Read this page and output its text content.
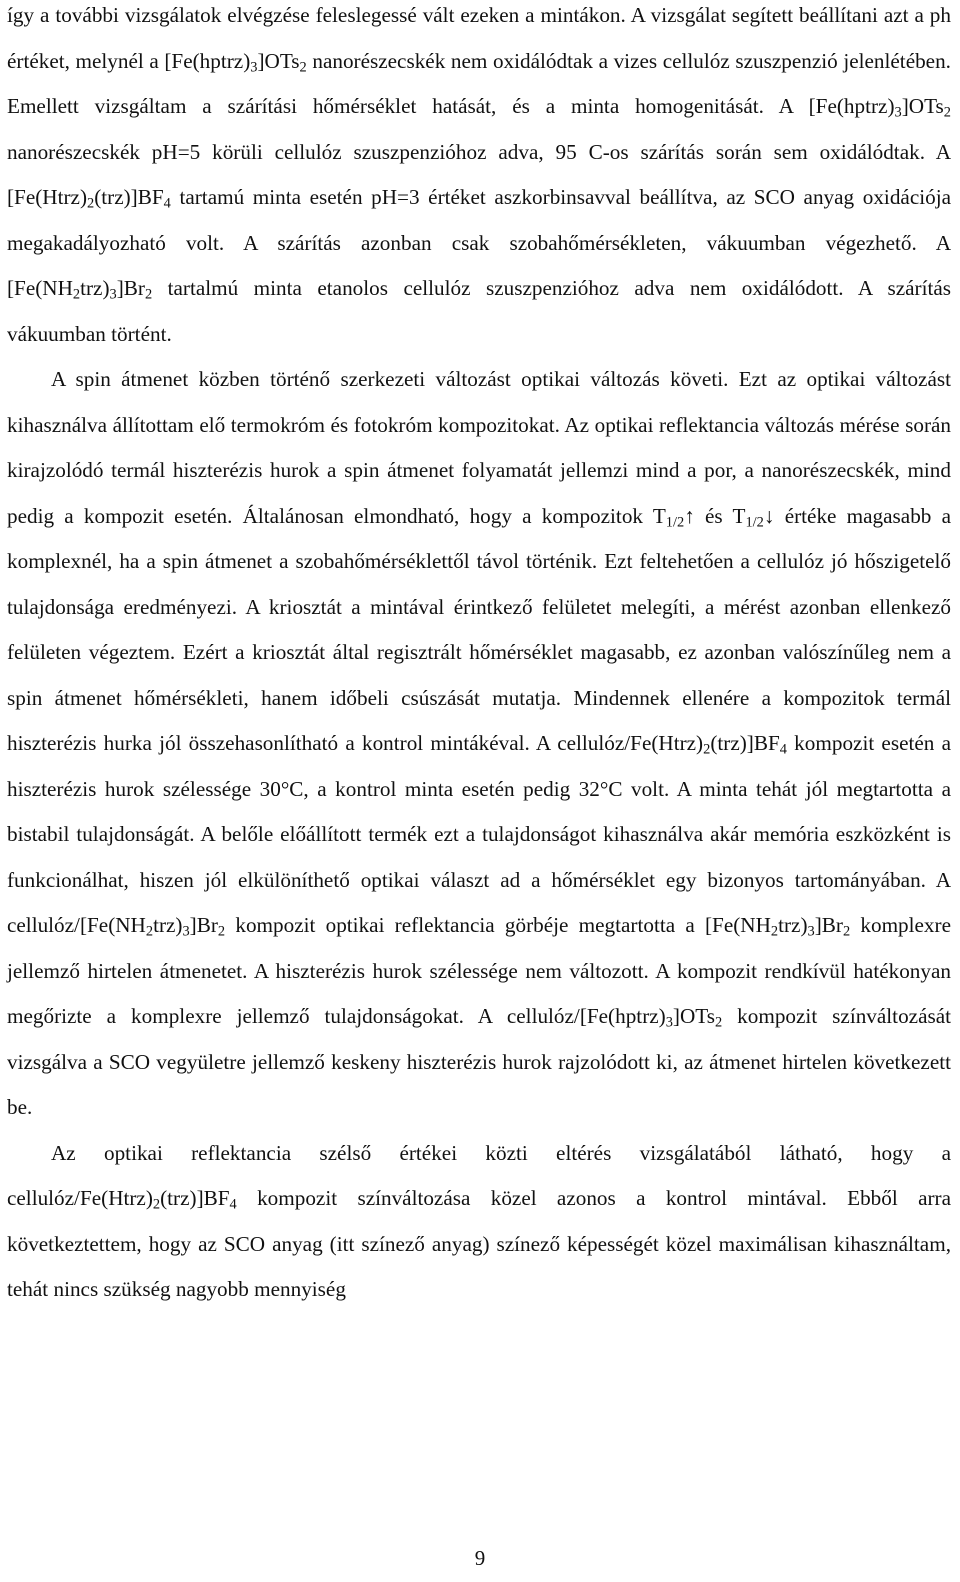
így a további vizsgálatok elvégzése feleslegessé vált ezeken a mintákon. A vizsgálat segített beállítani azt a ph értéket, melynél a $[Fe(hptrz)_3]OTs_2$ nanorészecskék nem oxidálódtak a vizes cellulóz szuszpenzió jelenlétében. Emellett vizsgáltam a szárítási hőmérséklet hatását, és a minta homogenitását. A $[Fe(hptrz)_3]OTs_2$ nanorészecskék pH=5 körüli cellulóz szuszpenzióhoz adva, 95 C-os szárítás során sem oxidálódtak. A $[Fe(Htrz)_2(trz)]BF_4$ tartamú minta esetén pH=3 értéket aszkorbinsavval beállítva, az SCO anyag oxidációja megakadályozható volt. A szárítás azonban csak szobahőmérsékleten, vákuumban végezhető. A $[Fe(NH_2trz)_3]Br_2$ tartalmú minta etanolos cellulóz szuszpenzióhoz adva nem oxidálódott. A szárítás vákuumban történt.

A spin átmenet közben történő szerkezeti változást optikai változás követi. Ezt az optikai változást kihasználva állítottam elő termokróm és fotokróm kompozitokat. Az optikai reflektancia változás mérése során kirajzolódó termál hiszterézis hurok a spin átmenet folyamatát jellemzi mind a por, a nanorészecskék, mind pedig a kompozit esetén. Általánosan elmondható, hogy a kompozitok $T_{1/2}↑$ és $T_{1/2}↓$ értéke magasabb a komplexnél, ha a spin átmenet a szobahőmérséklettől távol történik. Ezt feltehetően a cellulóz jó hőszigetelő tulajdonsága eredményezi. A kriosztát a mintával érintkező felületet melegíti, a mérést azonban ellenkező felületen végeztem. Ezért a kriosztát által regisztrált hőmérséklet magasabb, ez azonban valószínűleg nem a spin átmenet hőmérsékleti, hanem időbeli csúszását mutatja. Mindennek ellenére a kompozitok termál hiszterézis hurka jól összehasonlítható a kontrol mintákéval. A cellulóz/$Fe(Htrz)_2(trz)]BF_4$ kompozit esetén a hiszterézis hurok szélessége 30°C, a kontrol minta esetén pedig 32°C volt. A minta tehát jól megtartotta a bistabil tulajdonságát. A belőle előállított termék ezt a tulajdonságot kihasználva akár memória eszközként is funkcionálhat, hiszen jól elkülöníthető optikai választ ad a hőmérséklet egy bizonyos tartományában. A cellulóz/$[Fe(NH_2trz)_3]Br_2$ kompozit optikai reflektancia görbéje megtartotta a $[Fe(NH_2trz)_3]Br_2$ komplexre jellemző hirtelen átmenetet. A hiszterézis hurok szélessége nem változott. A kompozit rendkívül hatékonyan megőrizte a komplexre jellemző tulajdonságokat. A cellulóz/$[Fe(hptrz)_3]OTs_2$ kompozit színváltozását vizsgálva a SCO vegyületre jellemző keskeny hiszterézis hurok rajzolódott ki, az átmenet hirtelen következett be.

Az optikai reflektancia szélső értékei közti eltérés vizsgálatából látható, hogy a cellulóz/$Fe(Htrz)_2(trz)]BF_4$ kompozit színváltozása közel azonos a kontrol mintával. Ebből arra következtettem, hogy az SCO anyag (itt színező anyag) színező képességét közel maximálisan kihasználtam, tehát nincs szükség nagyobb mennyiség

9
